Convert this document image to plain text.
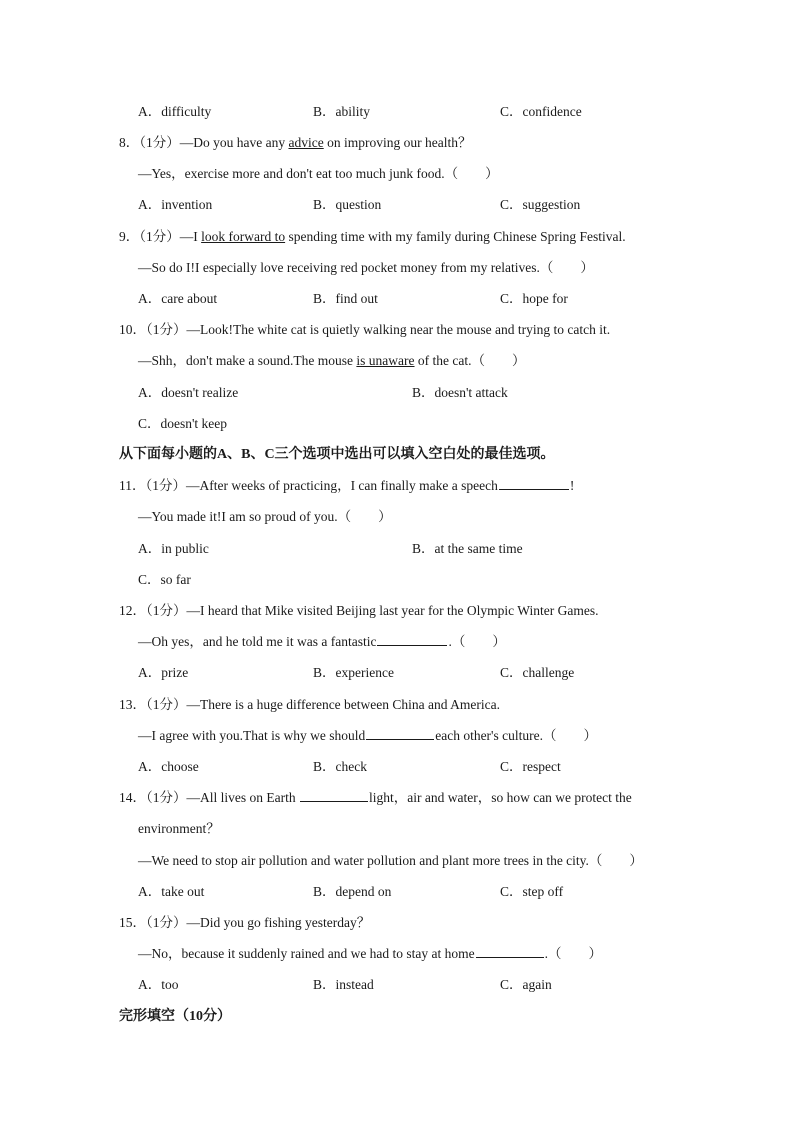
A．difficulty	B．ability	C．confidence
8．（1分）—Do you have any advice on improving our health？
—Yes，exercise more and don't eat too much junk food.（　　）
A．invention	B．question	C．suggestion
9．（1分）—I look forward to spending time with my family during Chinese Spring Festival.
—So do I!I especially love receiving red pocket money from my relatives.（　　）
A．care about	B．find out	C．hope for
10．（1分）—Look!The white cat is quietly walking near the mouse and trying to catch it.
—Shh，don't make a sound.The mouse is unaware of the cat.（　　）
A．doesn't realize	B．doesn't attack
C．doesn't keep
从下面每小题的A、B、C三个选项中选出可以填入空白处的最佳选项。
11．（1分）—After weeks of practicing，I can finally make a speech	!
—You made it!I am so proud of you.（　　）
A．in public	B．at the same time
C．so far
12．（1分）—I heard that Mike visited Beijing last year for the Olympic Winter Games.
—Oh yes，and he told me it was a fantastic	.（　　）
A．prize	B．experience	C．challenge
13．（1分）—There is a huge difference between China and America.
—I agree with you.That is why we should	each other's culture.（　　）
A．choose	B．check	C．respect
14．（1分）—All lives on Earth	light，air and water，so how can we protect the
environment？
—We need to stop air pollution and water pollution and plant more trees in the city.（　　）
A．take out	B．depend on	C．step off
15．（1分）—Did you go fishing yesterday？
—No，because it suddenly rained and we had to stay at home	.（　　）
A．too	B．instead	C．again
完形填空（10分）
